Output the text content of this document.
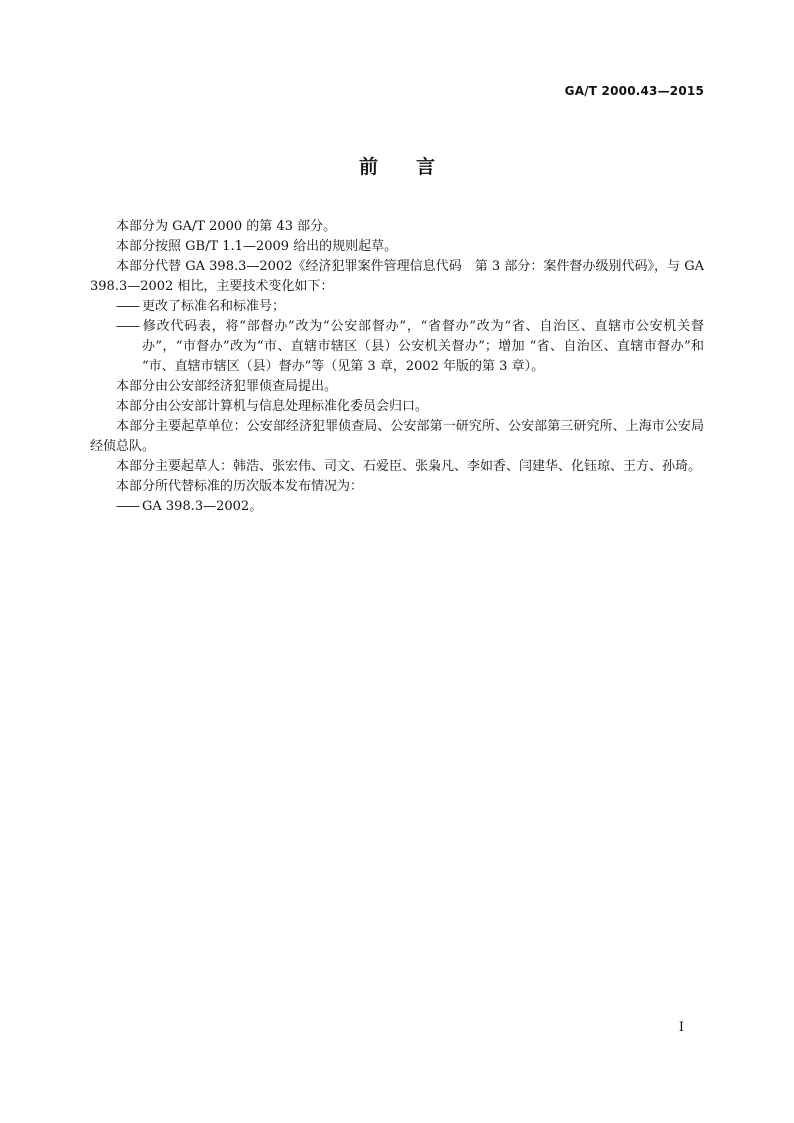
GA/T 2000.43—2015
前言

本部分为 GA/T 2000 的第 43 部分。

本部分按照 GB/T 1.1—2009 给出的规则起草。

本部分代替 GA 398.3—2002《经济犯罪案件管理信息代码　第 3 部分：案件督办级别代码》，与 GA 398.3—2002 相比，主要技术变化如下：

—— 更改了标准名和标准号；

—— 修改代码表，将“部督办”改为“公安部督办”，“省督办”改为“省、自治区、直辖市公安机关督办”，“市督办”改为“市、直辖市辖区（县）公安机关督办”；增加 “省、自治区、直辖市督办”和 “市、直辖市辖区（县）督办”等（见第 3 章，2002 年版的第 3 章）。

本部分由公安部经济犯罪侦查局提出。

本部分由公安部计算机与信息处理标准化委员会归口。

本部分主要起草单位：公安部经济犯罪侦查局、公安部第一研究所、公安部第三研究所、上海市公安局经侦总队。

本部分主要起草人：韩浩、张宏伟、司文、石爱臣、张枭凡、李如香、闫建华、化钰琼、王方、孙琦。

本部分所代替标准的历次版本发布情况为：

—— GA 398.3—2002。

I
